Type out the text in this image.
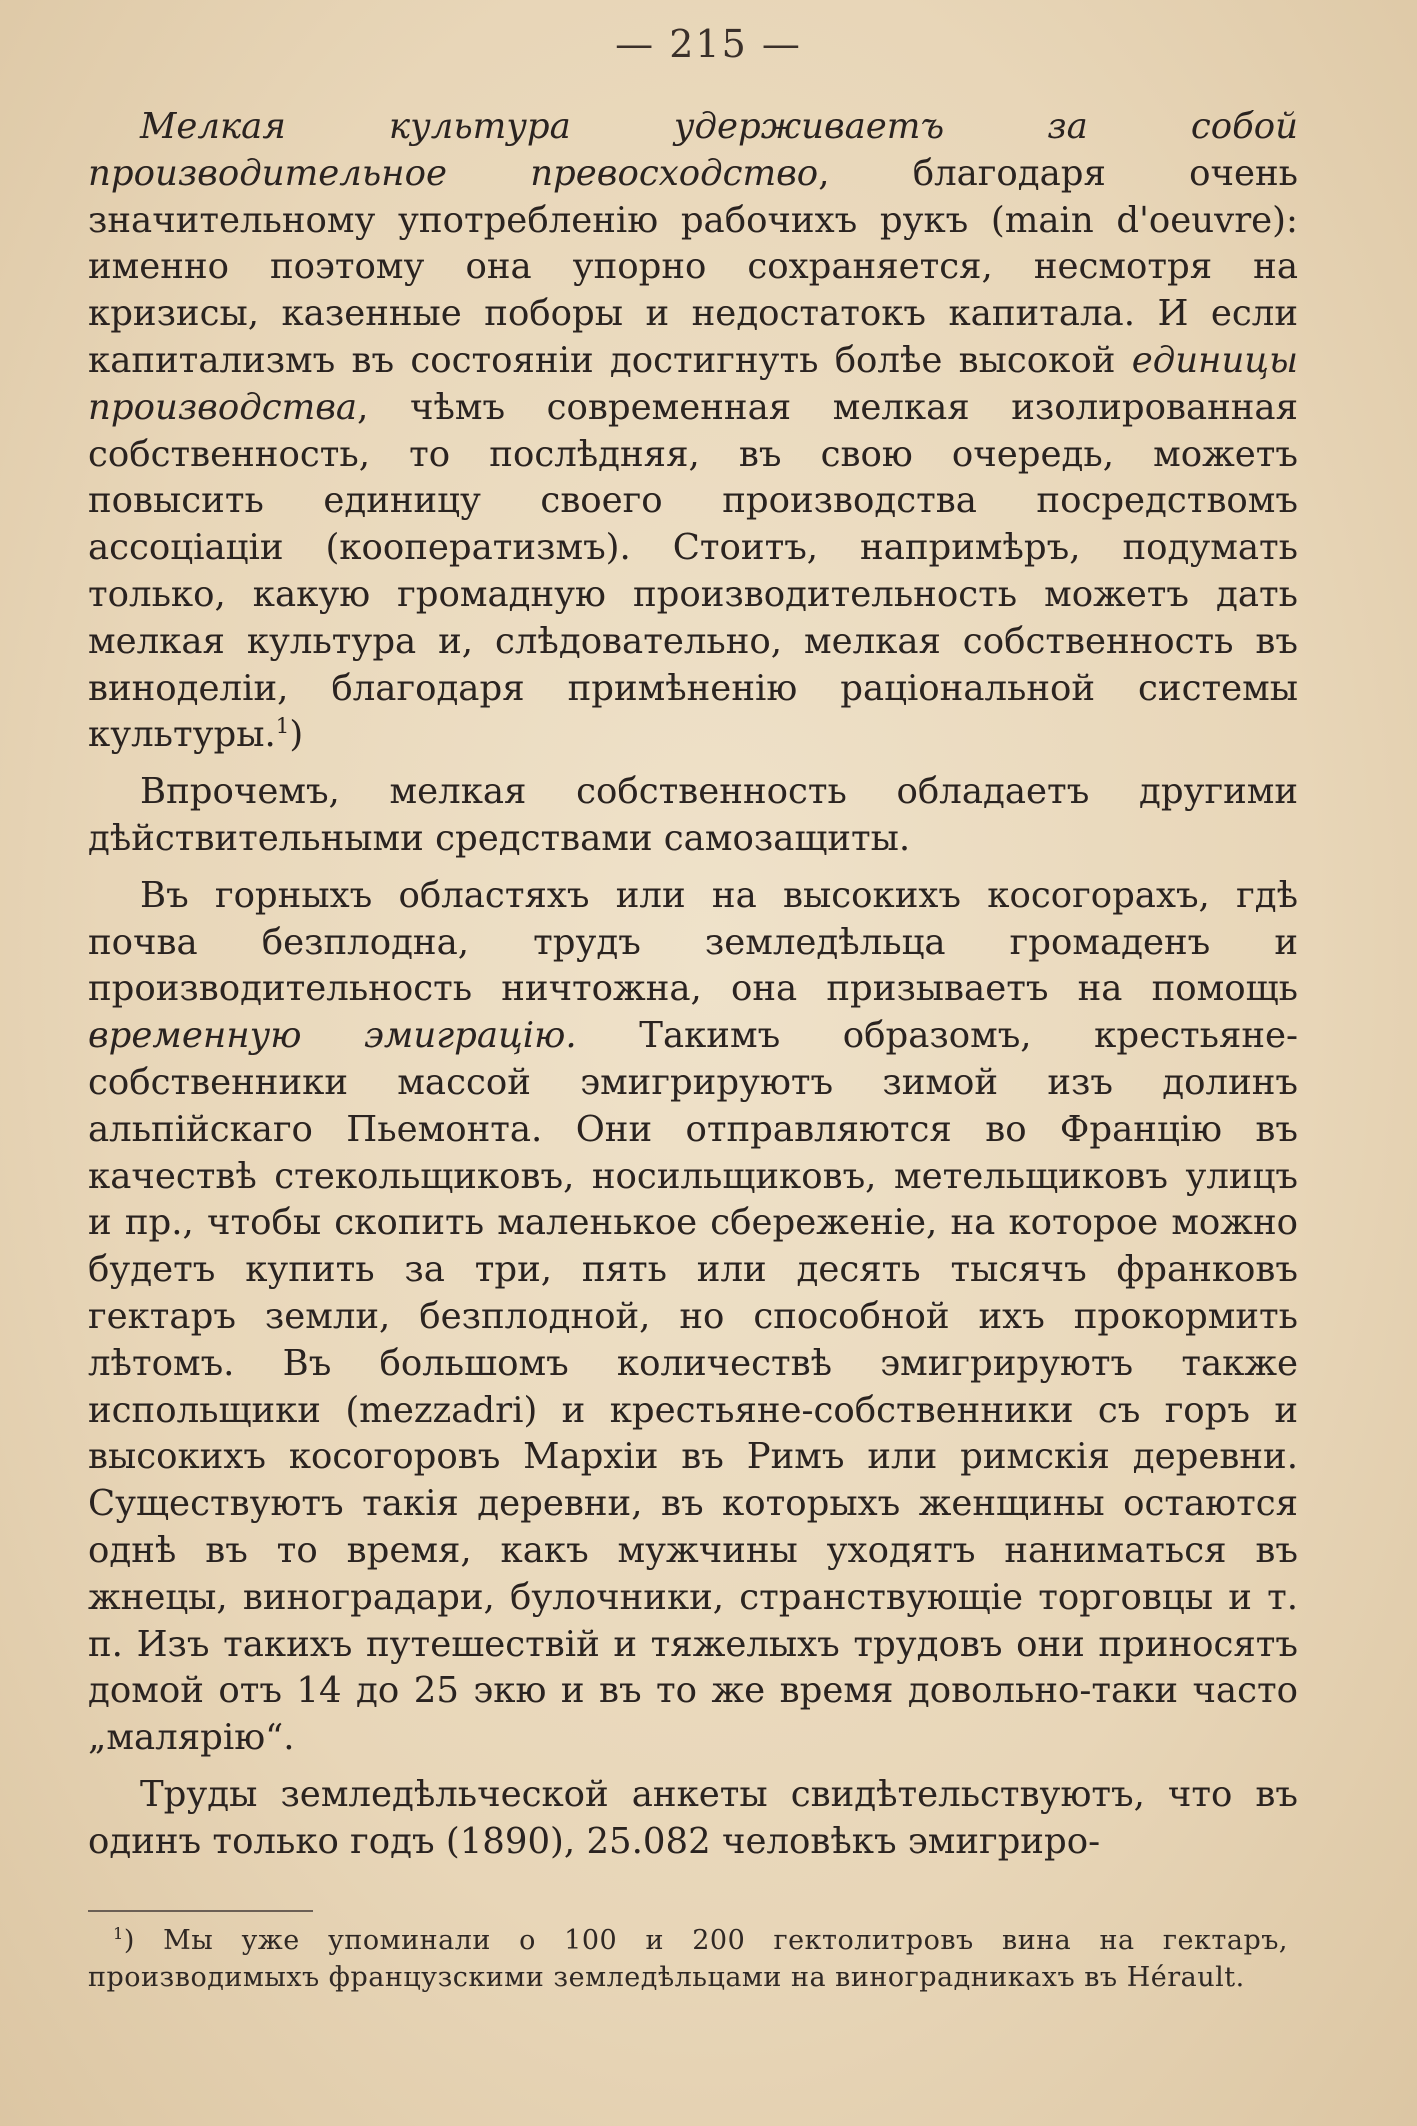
— 215 —

Мелкая культура удерживаетъ за собой производительное превосходство, благодаря очень значительному употребленію рабочихъ рукъ (main d'oeuvre): именно поэтому она упорно сохраняется, несмотря на кризисы, казенные поборы и недостатокъ капитала. И если капитализмъ въ состояніи достигнуть болѣе высокой единицы производства, чѣмъ современная мелкая изолированная собственность, то послѣдняя, въ свою очередь, можетъ повысить единицу своего производства посредствомъ ассоціаціи (кооператизмъ). Стоитъ, напримѣръ, подумать только, какую громадную производительность можетъ дать мелкая культура и, слѣдовательно, мелкая собственность въ виноделіи, благодаря примѣненію раціональной системы культуры.$^1$)

Впрочемъ, мелкая собственность обладаетъ другими дѣйствительными средствами самозащиты.

Въ горныхъ областяхъ или на высокихъ косогорахъ, гдѣ почва безплодна, трудъ земледѣльца громаденъ и производительность ничтожна, она призываетъ на помощь временную эмиграцію. Такимъ образомъ, крестьяне-собственники массой эмигрируютъ зимой изъ долинъ альпійскаго Пьемонта. Они отправляются во Францію въ качествѣ стекольщиковъ, носильщиковъ, метельщиковъ улицъ и пр., чтобы скопить маленькое сбереженіе, на которое можно будетъ купить за три, пять или десять тысячъ франковъ гектаръ земли, безплодной, но способной ихъ прокормить лѣтомъ. Въ большомъ количествѣ эмигрируютъ также испольщики (mezzadri) и крестьяне-собственники съ горъ и высокихъ косогоровъ Мархіи въ Римъ или римскія деревни. Существуютъ такія деревни, въ которыхъ женщины остаются однѣ въ то время, какъ мужчины уходятъ наниматься въ жнецы, виноградари, булочники, странствующіе торговцы и т. п. Изъ такихъ путешествій и тяжелыхъ трудовъ они приносятъ домой отъ 14 до 25 экю и въ то же время довольно-таки часто „малярію“.

Труды земледѣльческой анкеты свидѣтельствуютъ, что въ одинъ только годъ (1890), 25.082 человѣкъ эмигриро-

$^1$) Мы уже упоминали о 100 и 200 гектолитровъ вина на гектаръ, производимыхъ французскими земледѣльцами на виноградникахъ въ Hérault.
